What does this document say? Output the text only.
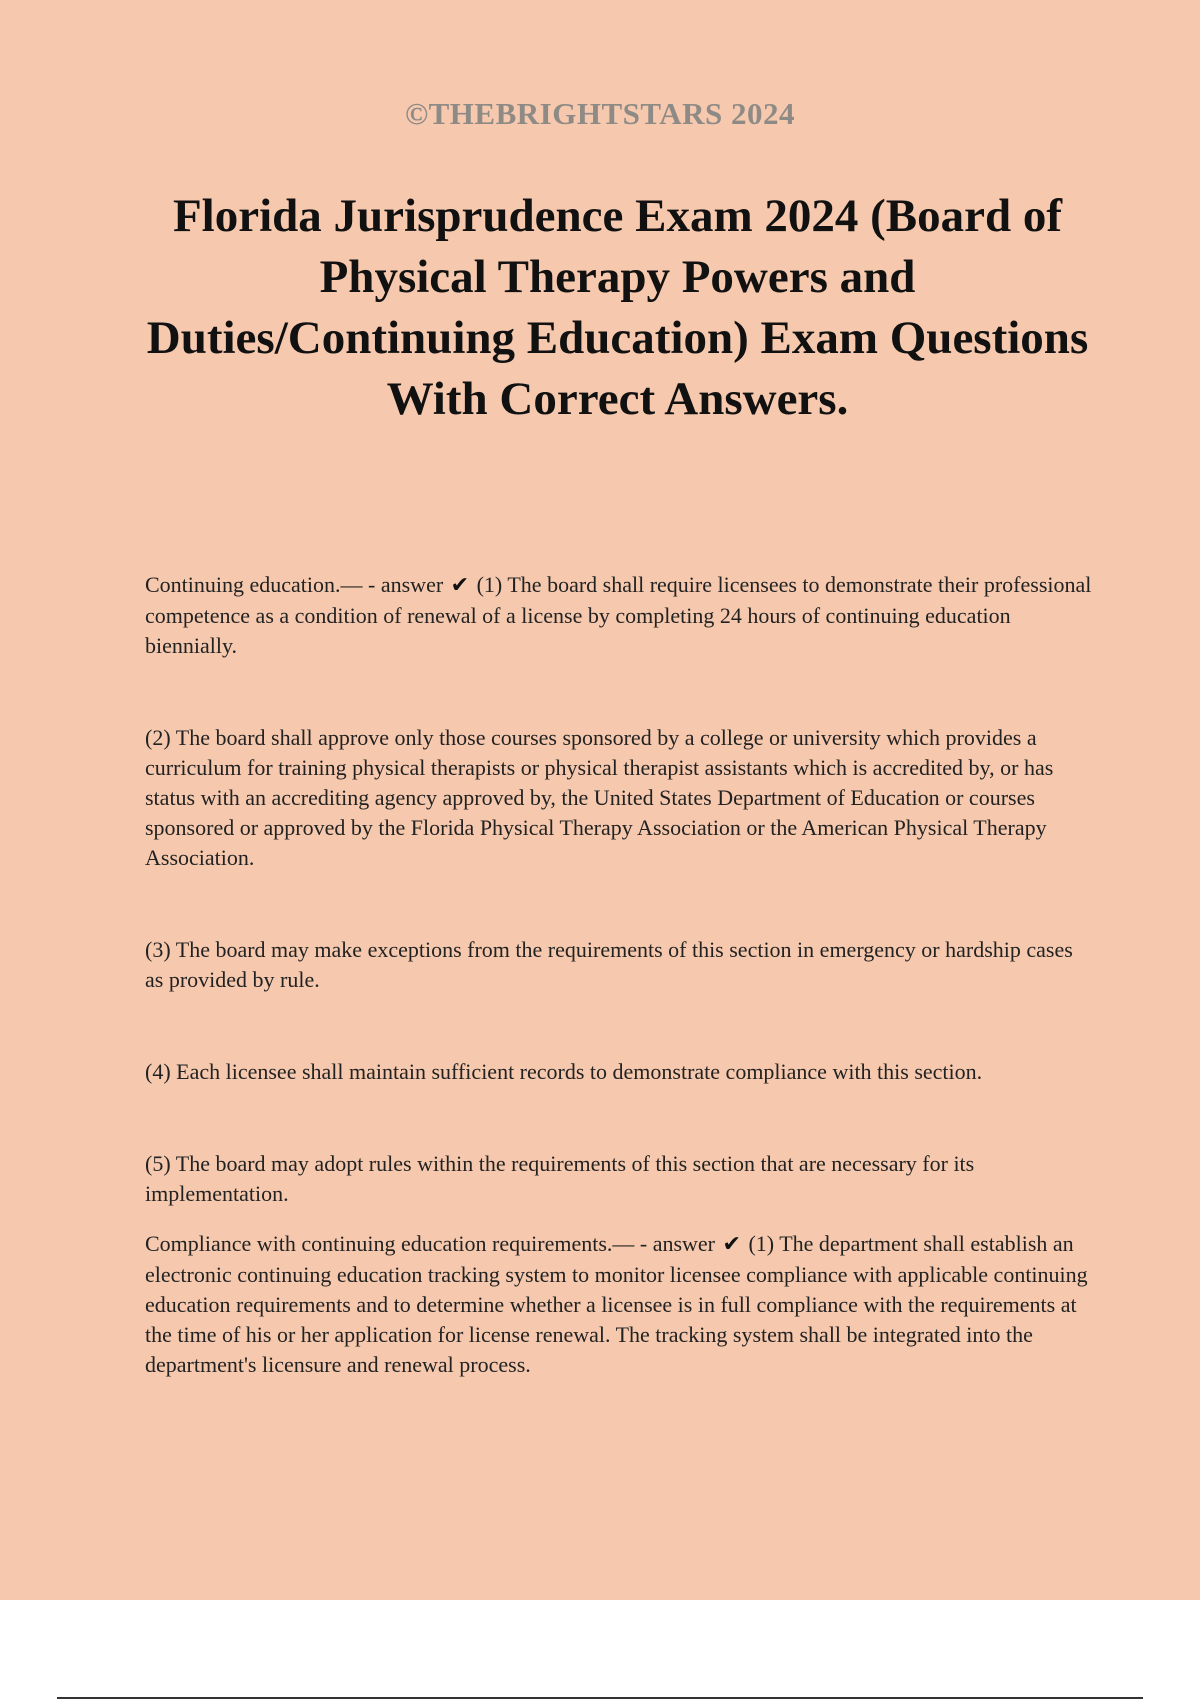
©THEBRIGHTSTARS 2024
Florida Jurisprudence Exam 2024 (Board of Physical Therapy Powers and Duties/Continuing Education) Exam Questions With Correct Answers.

Continuing education.— - answer ✔ (1) The board shall require licensees to demonstrate their professional competence as a condition of renewal of a license by completing 24 hours of continuing education biennially.

(2) The board shall approve only those courses sponsored by a college or university which provides a curriculum for training physical therapists or physical therapist assistants which is accredited by, or has status with an accrediting agency approved by, the United States Department of Education or courses sponsored or approved by the Florida Physical Therapy Association or the American Physical Therapy Association.

(3) The board may make exceptions from the requirements of this section in emergency or hardship cases as provided by rule.

(4) Each licensee shall maintain sufficient records to demonstrate compliance with this section.

(5) The board may adopt rules within the requirements of this section that are necessary for its implementation.

Compliance with continuing education requirements.— - answer ✔ (1) The department shall establish an electronic continuing education tracking system to monitor licensee compliance with applicable continuing education requirements and to determine whether a licensee is in full compliance with the requirements at the time of his or her application for license renewal. The tracking system shall be integrated into the department's licensure and renewal process.
